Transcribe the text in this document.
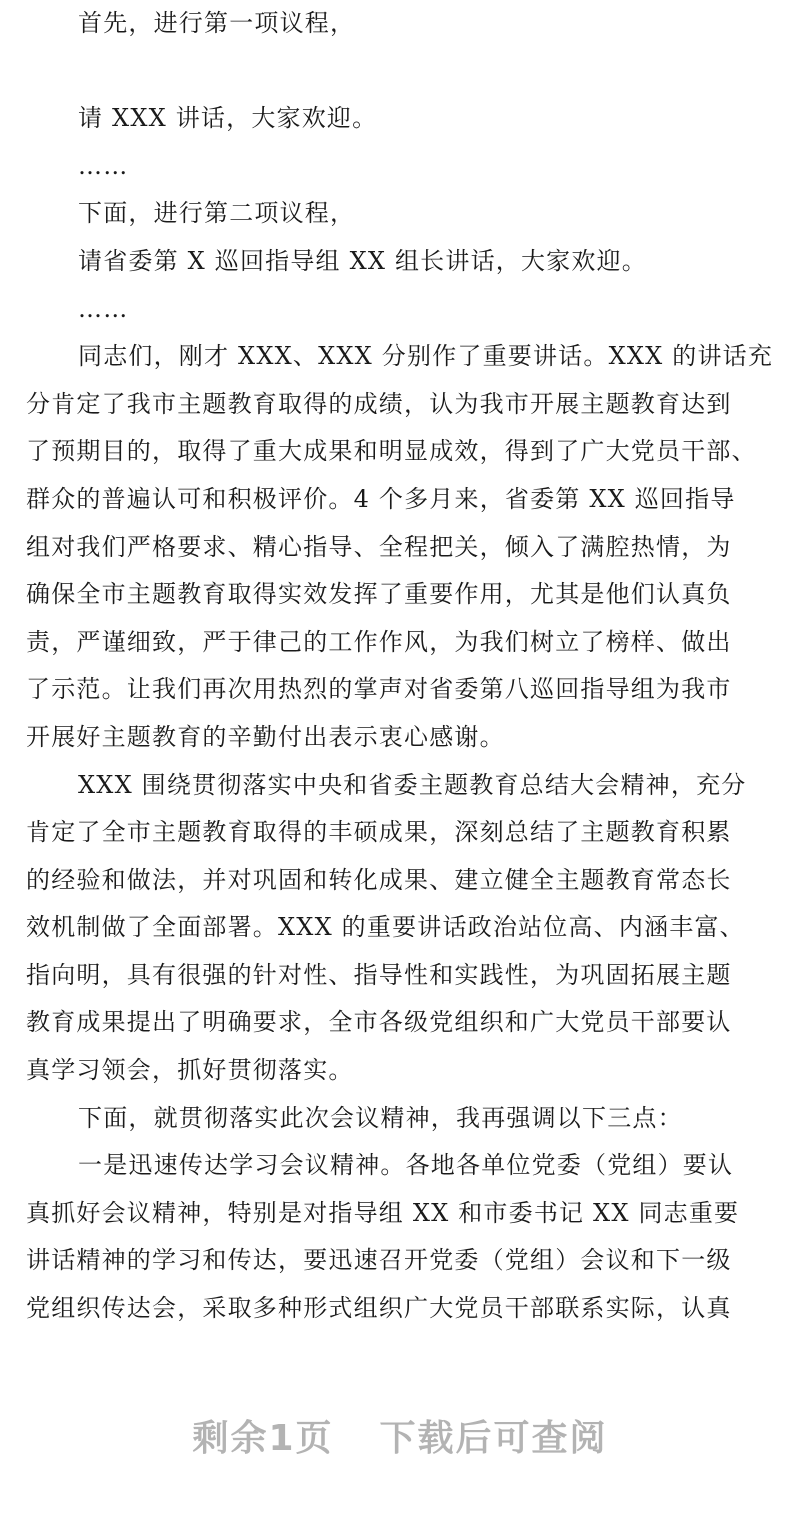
首先，进行第一项议程，
请 XXX 讲话，大家欢迎。
……
下面，进行第二项议程，
请省委第 X 巡回指导组 XX 组长讲话，大家欢迎。
……
同志们，刚才 XXX、XXX 分别作了重要讲话。XXX 的讲话充
分肯定了我市主题教育取得的成绩，认为我市开展主题教育达到
了预期目的，取得了重大成果和明显成效，得到了广大党员干部、
群众的普遍认可和积极评价。4 个多月来，省委第 XX 巡回指导
组对我们严格要求、精心指导、全程把关，倾入了满腔热情，为
确保全市主题教育取得实效发挥了重要作用，尤其是他们认真负
责，严谨细致，严于律己的工作作风，为我们树立了榜样、做出
了示范。让我们再次用热烈的掌声对省委第八巡回指导组为我市
开展好主题教育的辛勤付出表示衷心感谢。
XXX 围绕贯彻落实中央和省委主题教育总结大会精神，充分
肯定了全市主题教育取得的丰硕成果，深刻总结了主题教育积累
的经验和做法，并对巩固和转化成果、建立健全主题教育常态长
效机制做了全面部署。XXX 的重要讲话政治站位高、内涵丰富、
指向明，具有很强的针对性、指导性和实践性，为巩固拓展主题
教育成果提出了明确要求，全市各级党组织和广大党员干部要认
真学习领会，抓好贯彻落实。
下面，就贯彻落实此次会议精神，我再强调以下三点：
一是迅速传达学习会议精神。各地各单位党委（党组）要认
真抓好会议精神，特别是对指导组 XX 和市委书记 XX 同志重要
讲话精神的学习和传达，要迅速召开党委（党组）会议和下一级
党组织传达会，采取多种形式组织广大党员干部联系实际，认真
剩余1页 下载后可查阅
